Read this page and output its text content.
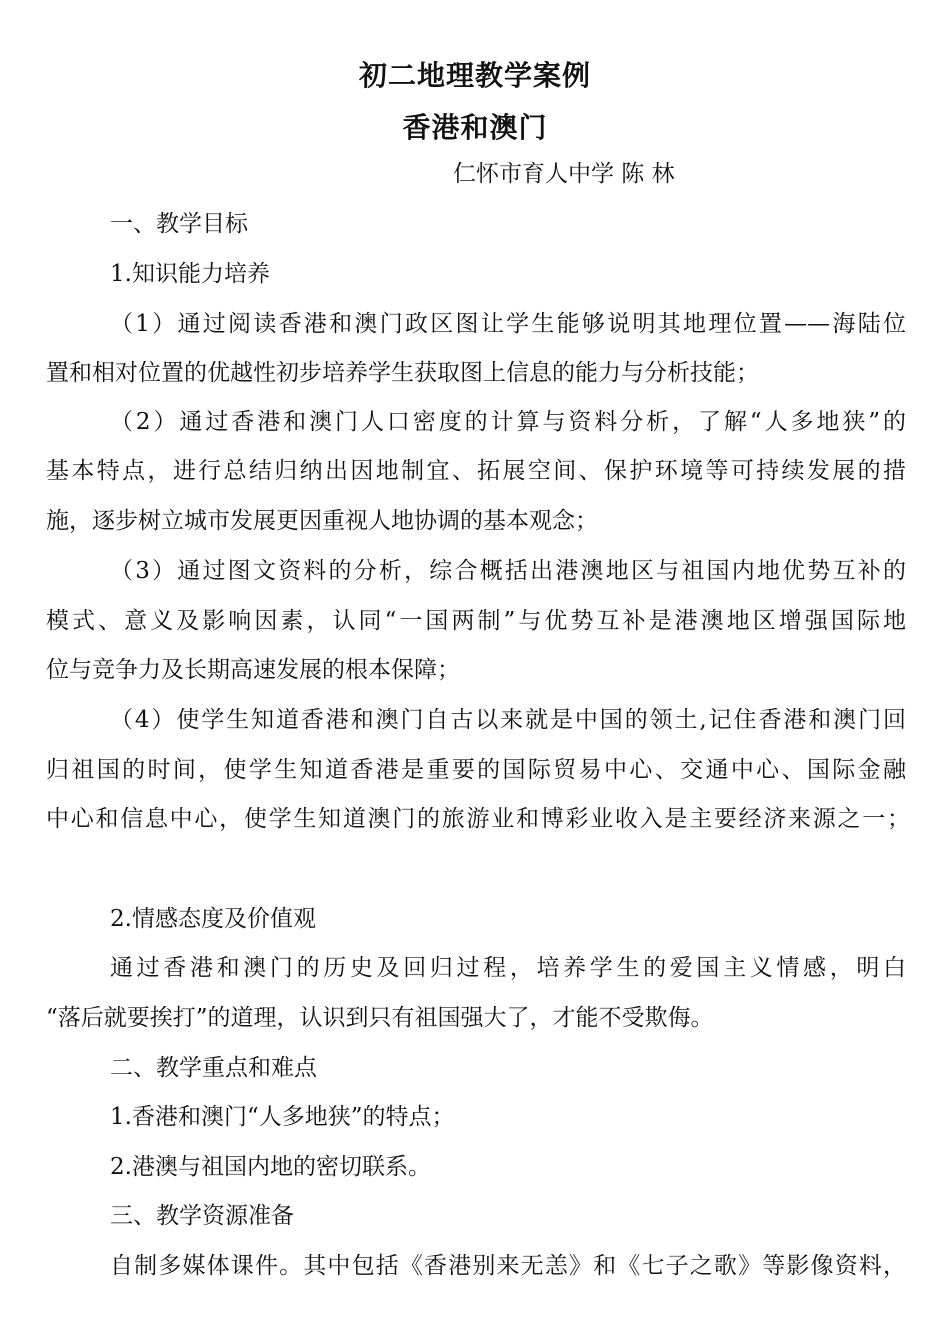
初二地理教学案例
香港和澳门
仁怀市育人中学 陈 林
一、教学目标
1.知识能力培养
（1）通过阅读香港和澳门政区图让学生能够说明其地理位置——海陆位
置和相对位置的优越性初步培养学生获取图上信息的能力与分析技能；
（2）通过香港和澳门人口密度的计算与资料分析，了解“人多地狭”的
基本特点，进行总结归纳出因地制宜、拓展空间、保护环境等可持续发展的措
施，逐步树立城市发展更因重视人地协调的基本观念；
（3）通过图文资料的分析，综合概括出港澳地区与祖国内地优势互补的
模式、意义及影响因素，认同“一国两制”与优势互补是港澳地区增强国际地
位与竞争力及长期高速发展的根本保障；
（4）使学生知道香港和澳门自古以来就是中国的领土,记住香港和澳门回
归祖国的时间，使学生知道香港是重要的国际贸易中心、交通中心、国际金融
中心和信息中心，使学生知道澳门的旅游业和博彩业收入是主要经济来源之一；
2.情感态度及价值观
通过香港和澳门的历史及回归过程，培养学生的爱国主义情感，明白
“落后就要挨打”的道理，认识到只有祖国强大了，才能不受欺侮。
二、教学重点和难点
1.香港和澳门“人多地狭”的特点；
2.港澳与祖国内地的密切联系。
三、教学资源准备
自制多媒体课件。其中包括《香港别来无恙》和《七子之歌》等影像资料，
